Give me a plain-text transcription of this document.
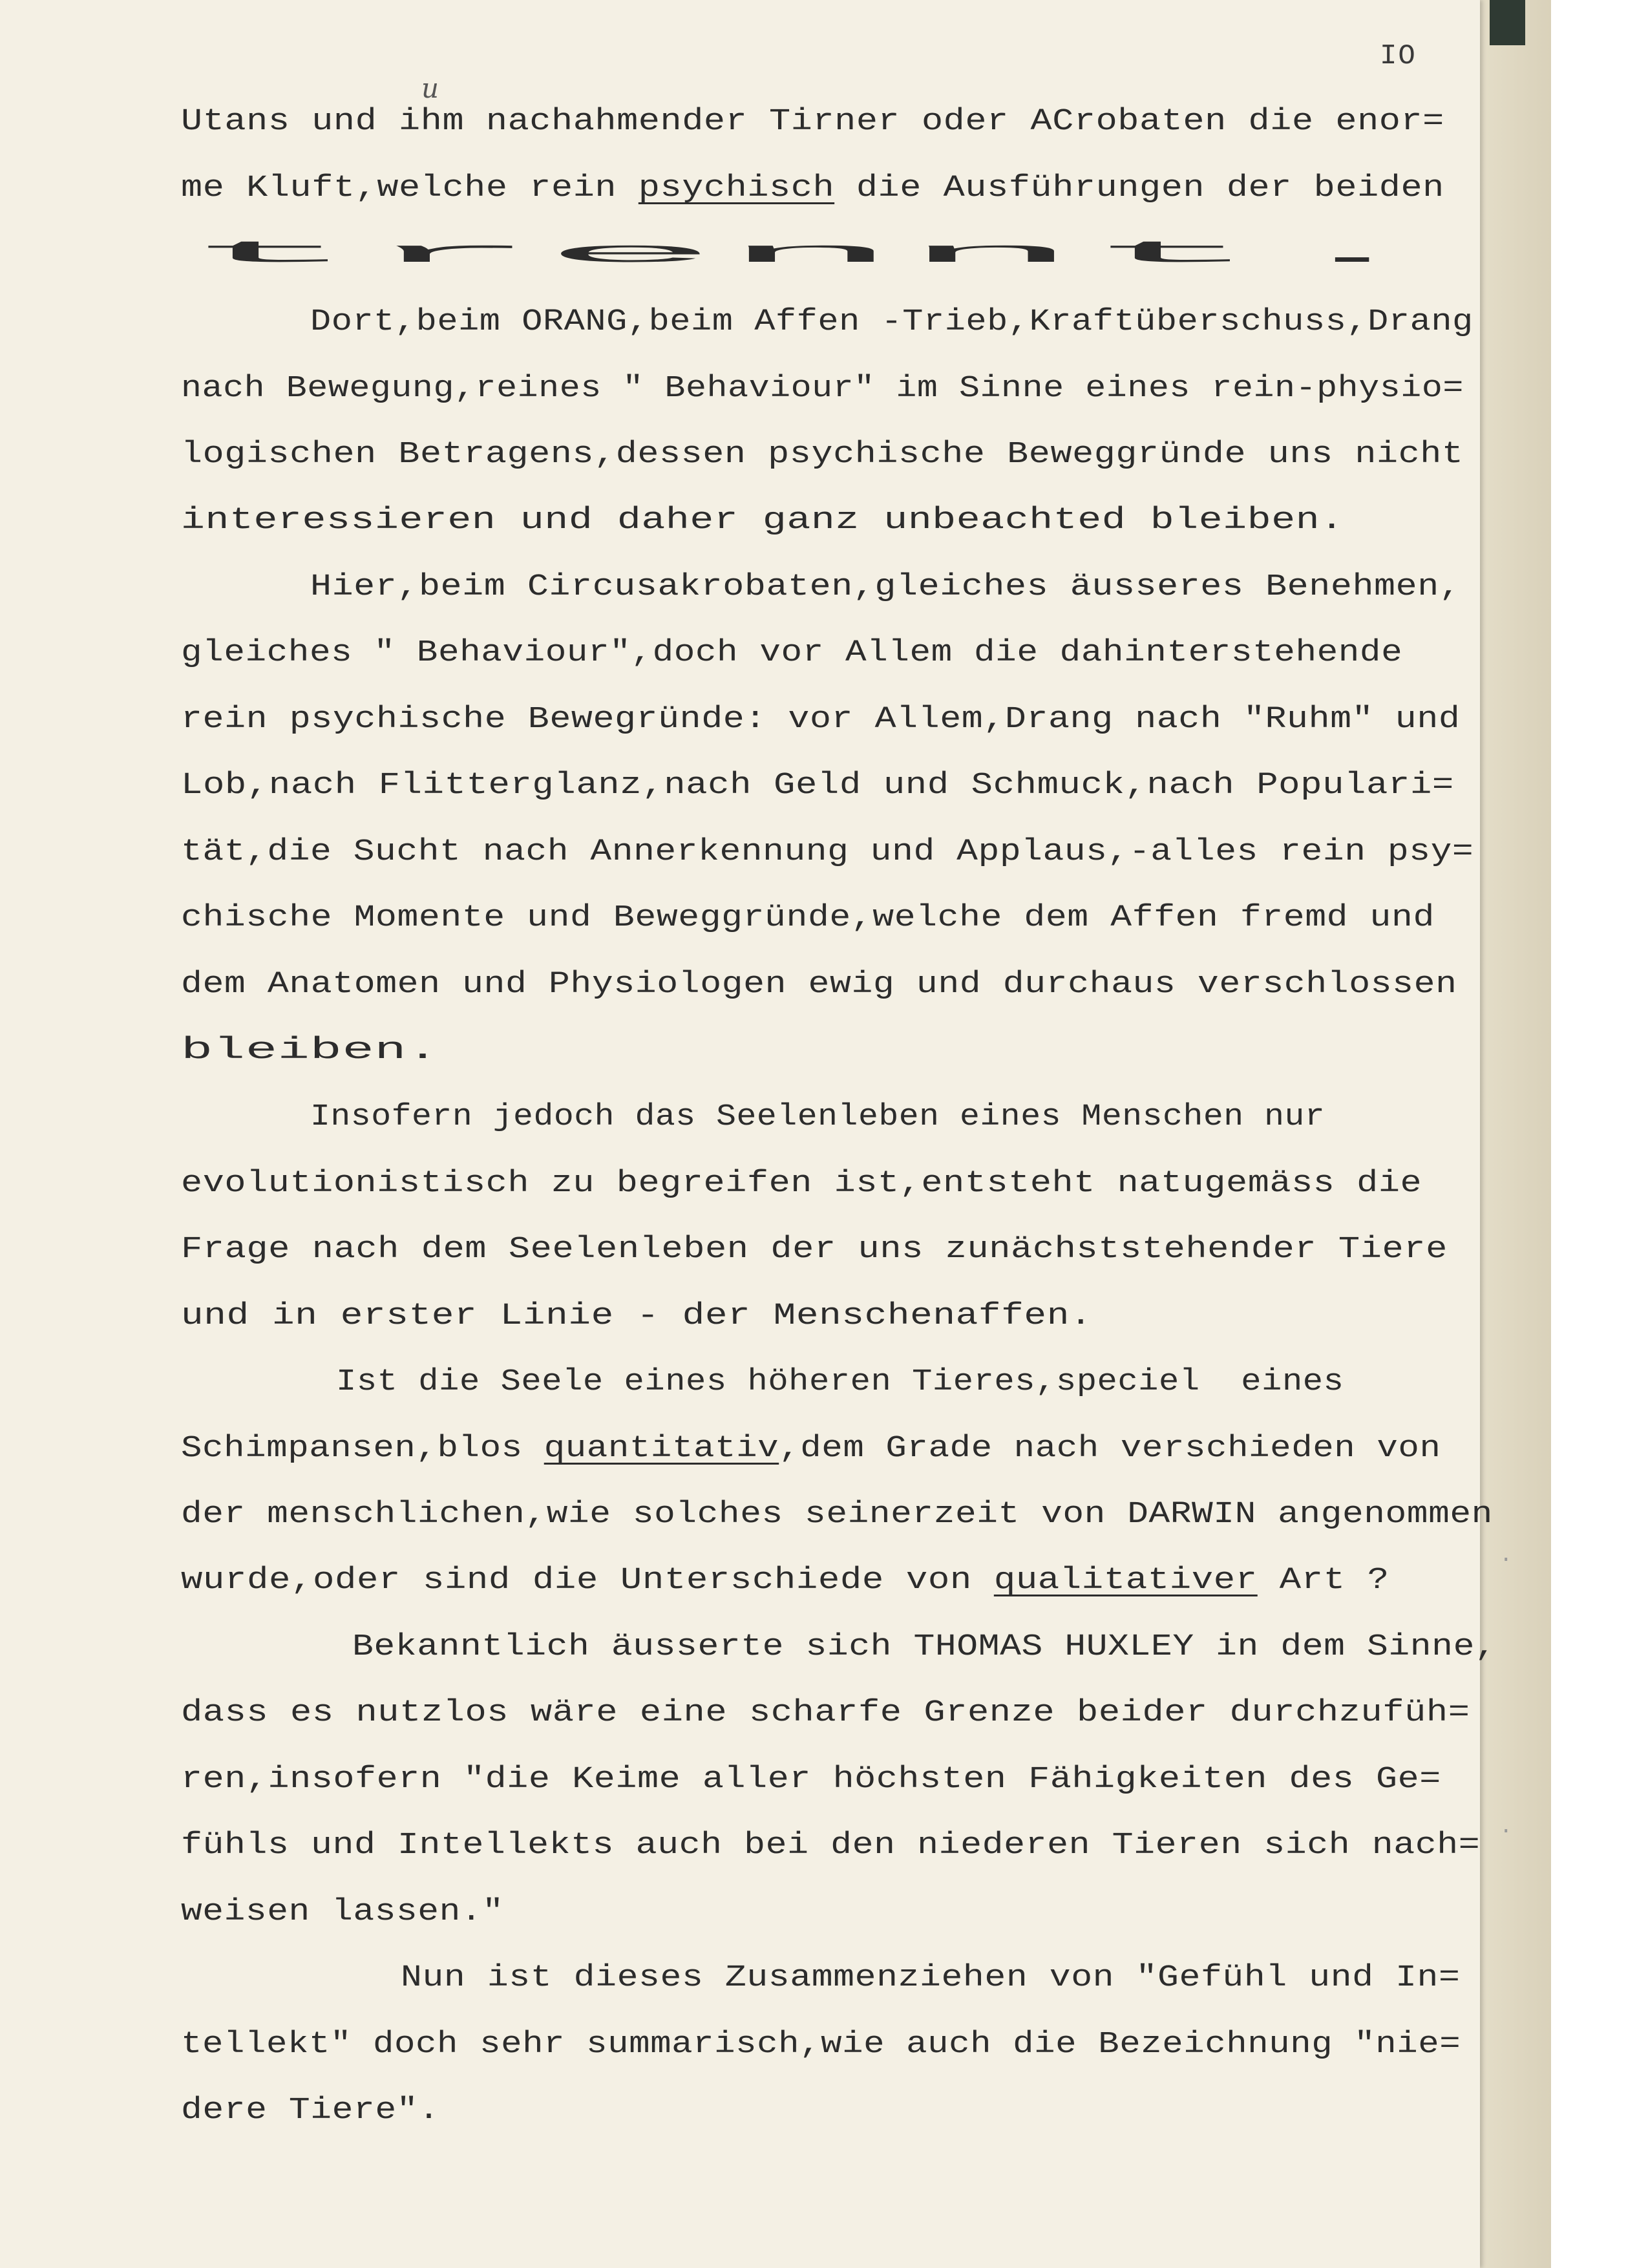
IO
u
Utans und ihm nachahmender Tirner oder ACrobaten die enor=
me Kluft,welche rein psychisch die Ausführungen der beiden
trennt.
Dort,beim ORANG,beim Affen -Trieb,Kraftüberschuss,Drang
nach Bewegung,reines " Behaviour" im Sinne eines rein-physio=
logischen Betragens,dessen psychische Beweggründe uns nicht
interessieren und daher ganz unbeachted bleiben.
Hier,beim Circusakrobaten,gleiches äusseres Benehmen,
gleiches " Behaviour",doch vor Allem die dahinterstehende
rein psychische Bewegründe: vor Allem,Drang nach "Ruhm" und
Lob,nach Flitterglanz,nach Geld und Schmuck,nach Populari=
tät,die Sucht nach Annerkennung und Applaus,-alles rein psy=
chische Momente und Beweggründe,welche dem Affen fremd und
dem Anatomen und Physiologen ewig und durchaus verschlossen
bleiben.
Insofern jedoch das Seelenleben eines Menschen nur
evolutionistisch zu begreifen ist,entsteht natugemäss die
Frage nach dem Seelenleben der uns zunächststehender Tiere
und in erster Linie - der Menschenaffen.
Ist die Seele eines höheren Tieres,speciel  eines
Schimpansen,blos quantitativ,dem Grade nach verschieden von
der menschlichen,wie solches seinerzeit von DARWIN angenommen
wurde,oder sind die Unterschiede von qualitativer Art ?
Bekanntlich äusserte sich THOMAS HUXLEY in dem Sinne,
dass es nutzlos wäre eine scharfe Grenze beider durchzufüh=
ren,insofern "die Keime aller höchsten Fähigkeiten des Ge=
fühls und Intellekts auch bei den niederen Tieren sich nach=
weisen lassen."
Nun ist dieses Zusammenziehen von "Gefühl und In=
tellekt" doch sehr summarisch,wie auch die Bezeichnung "nie=
dere Tiere".
.
.
